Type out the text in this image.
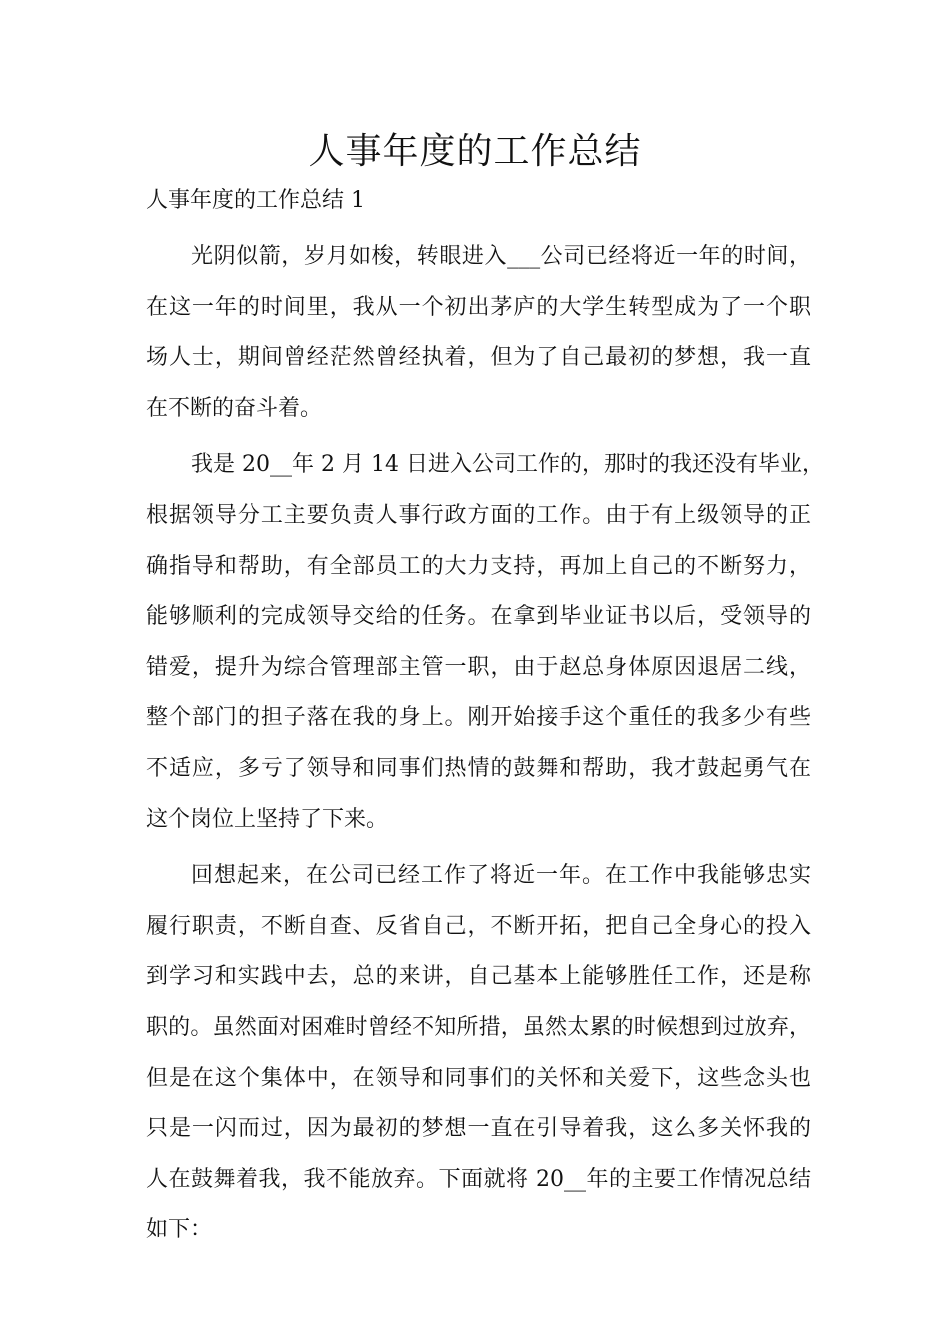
人事年度的工作总结

人事年度的工作总结 1

光阴似箭，岁月如梭，转眼进入___公司已经将近一年的时间，
在这一年的时间里，我从一个初出茅庐的大学生转型成为了一个职
场人士，期间曾经茫然曾经执着，但为了自己最初的梦想，我一直
在不断的奋斗着。

我是 20__年 2 月 14 日进入公司工作的，那时的我还没有毕业，
根据领导分工主要负责人事行政方面的工作。由于有上级领导的正
确指导和帮助，有全部员工的大力支持，再加上自己的不断努力，
能够顺利的完成领导交给的任务。在拿到毕业证书以后，受领导的
错爱，提升为综合管理部主管一职，由于赵总身体原因退居二线，
整个部门的担子落在我的身上。刚开始接手这个重任的我多少有些
不适应，多亏了领导和同事们热情的鼓舞和帮助，我才鼓起勇气在
这个岗位上坚持了下来。

回想起来，在公司已经工作了将近一年。在工作中我能够忠实
履行职责，不断自查、反省自己，不断开拓，把自己全身心的投入
到学习和实践中去，总的来讲，自己基本上能够胜任工作，还是称
职的。虽然面对困难时曾经不知所措，虽然太累的时候想到过放弃，
但是在这个集体中，在领导和同事们的关怀和关爱下，这些念头也
只是一闪而过，因为最初的梦想一直在引导着我，这么多关怀我的
人在鼓舞着我，我不能放弃。下面就将 20__年的主要工作情况总结
如下：
